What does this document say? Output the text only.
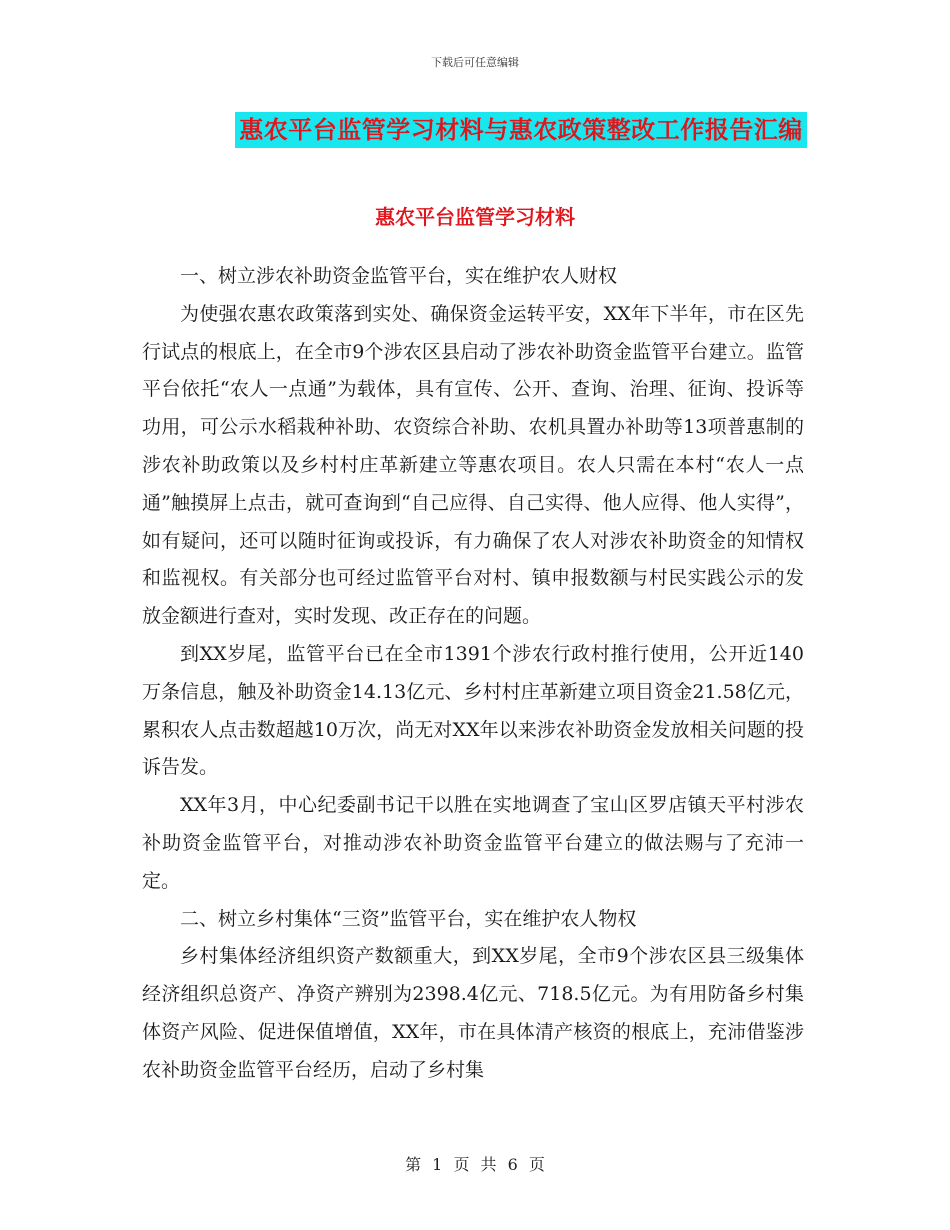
下载后可任意编辑
惠农平台监管学习材料与惠农政策整改工作报告汇编
惠农平台监管学习材料

一、树立涉农补助资金监管平台，实在维护农人财权

为使强农惠农政策落到实处、确保资金运转平安，XX年下半年，市在区先行试点的根底上，在全市9个涉农区县启动了涉农补助资金监管平台建立。监管平台依托“农人一点通”为载体，具有宣传、公开、查询、治理、征询、投诉等功用，可公示水稻栽种补助、农资综合补助、农机具置办补助等13项普惠制的涉农补助政策以及乡村村庄革新建立等惠农项目。农人只需在本村“农人一点通”触摸屏上点击，就可查询到“自己应得、自己实得、他人应得、他人实得”，如有疑问，还可以随时征询或投诉，有力确保了农人对涉农补助资金的知情权和监视权。有关部分也可经过监管平台对村、镇申报数额与村民实践公示的发放金额进行查对，实时发现、改正存在的问题。

到XX岁尾，监管平台已在全市1391个涉农行政村推行使用，公开近140万条信息，触及补助资金14.13亿元、乡村村庄革新建立项目资金21.58亿元，累积农人点击数超越10万次，尚无对XX年以来涉农补助资金发放相关问题的投诉告发。

XX年3月，中心纪委副书记干以胜在实地调查了宝山区罗店镇天平村涉农补助资金监管平台，对推动涉农补助资金监管平台建立的做法赐与了充沛一定。

二、树立乡村集体“三资”监管平台，实在维护农人物权

乡村集体经济组织资产数额重大，到XX岁尾，全市9个涉农区县三级集体经济组织总资产、净资产辨别为2398.4亿元、718.5亿元。为有用防备乡村集体资产风险、促进保值增值，XX年，市在具体清产核资的根底上，充沛借鉴涉农补助资金监管平台经历，启动了乡村集

第 1 页 共 6 页
